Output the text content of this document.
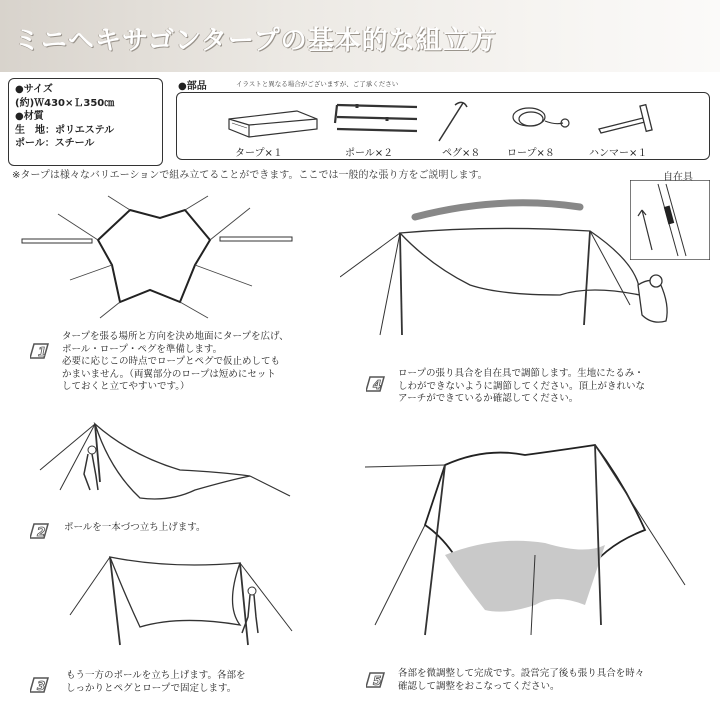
ミニヘキサゴンタープの基本的な組立方
●サイズ
(約)Ｗ430×Ｌ350㎝
●材質
生　地：ポリエステル
ポール：スチール
●部品	イラストと異なる場合がございますが、ご了承ください
タープ×１	ポール×２	ペグ×８	ロープ×８	ハンマー×１
※タープは様々なバリエーションで組み立てることができます。ここでは一般的な張り方をご説明します。
1
タープを張る場所と方向を決め地面にタープを広げ、
ポール・ロープ・ペグを準備します。
必要に応じこの時点でロープとペグで仮止めしても
かまいません。（両翼部分のロープは短めにセット
しておくと立てやすいです。）
2 ポールを一本づつ立ち上げます。
3
もう一方のポールを立ち上げます。各部を
しっかりとペグとロープで固定します。
自在具
4
ロープの張り具合を自在具で調節します。生地にたるみ・
しわができないように調節してください。頂上がきれいな
アーチができているか確認してください。
5
各部を微調整して完成です。設営完了後も張り具合を時々
確認して調整をおこなってください。
